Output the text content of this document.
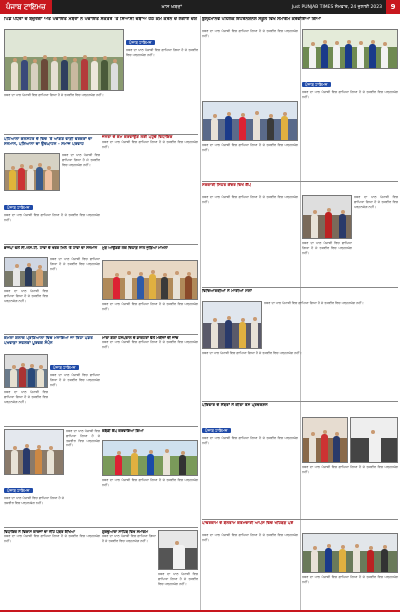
ਪੰਜਾਬ ਟਾਇਮਜ਼	ਖ਼ਾਸ ਖ਼ਬਰਾਂ	Just PUNJAB TIMES ਸੋਮਵਾਰ, 24 ਜੁਲਾਈ 2023	9
ਪਿੰਡ ਪੱਧਰਾਂ ਦੇ ਬਜ਼ੁਰਗਾਂ ਅਤੇ ਪੰਚਾਇਤ ਮੈਂਬਰਾਂ ਨੇ ਪੰਚਾਇਤ ਸਕੱਤਰ 'ਤੇ ਸਿਆਸੀ ਦਬਾਅ ਹੇਠ ਕੰਮ ਕਰਨ ਦੇ ਲਗਾਏ ਦੋਸ਼
ਪੰਜਾਬ ਟਾਇਮਜ਼
ਖ਼ਬਰ ਦਾ ਪਾਠ ਪੰਜਾਬੀ ਵਿਚ ਛਾਪਿਆ ਗਿਆ ਹੈ ਜੋ ਤਸਵੀਰ ਵਿਚ ਪੜ੍ਹਨਯੋਗ ਨਹੀਂ।
ਖ਼ਬਰ ਦਾ ਪਾਠ ਪੰਜਾਬੀ ਵਿਚ ਛਾਪਿਆ ਗਿਆ ਹੈ ਜੋ ਤਸਵੀਰ ਵਿਚ ਪੜ੍ਹਨਯੋਗ ਨਹੀਂ।
ਜਨਤਾ ਦੇ ਕੰਮ ਕਰਵਾਉਣ ਲਈ ਪਹੁੰਚੇ ਵਿਧਾਇਕ
ਖ਼ਬਰ ਦਾ ਪਾਠ ਪੰਜਾਬੀ ਵਿਚ ਛਾਪਿਆ ਗਿਆ ਹੈ ਜੋ ਤਸਵੀਰ ਵਿਚ ਪੜ੍ਹਨਯੋਗ ਨਹੀਂ।
ਪਟਿਆਲਾ ਕਲਸਟਰ ਦੇ ਵਿਚ 'ਤੇ ਆਂਗਣ ਵਾੜੀ ਵਰਕਰਾਂ ਦਾ ਸਨਮਾਨ, ਪਸ਼ਿਆਨਾ ਦਾ ਉਦਘਾਟਨ - ਸਮਾਜ ਪਰਵਾਹ
ਖ਼ਬਰ ਦਾ ਪਾਠ ਪੰਜਾਬੀ ਵਿਚ ਛਾਪਿਆ ਗਿਆ ਹੈ ਜੋ ਤਸਵੀਰ ਵਿਚ ਪੜ੍ਹਨਯੋਗ ਨਹੀਂ।
ਪੰਜਾਬ ਟਾਇਮਜ਼
ਖ਼ਬਰ ਦਾ ਪਾਠ ਪੰਜਾਬੀ ਵਿਚ ਛਾਪਿਆ ਗਿਆ ਹੈ ਜੋ ਤਸਵੀਰ ਵਿਚ ਪੜ੍ਹਨਯੋਗ ਨਹੀਂ।
ਭਾਜਪਾ ਵਲੋਂ ਸੀ.ਐਸ.ਟੀ. ਟਾਵਾ ਦੇ ਖੇਤਰ ਮਿਲੇ 'ਤੇ ਟਾਵਾ ਦਾ ਸਨਮਾਨ
ਖ਼ਬਰ ਦਾ ਪਾਠ ਪੰਜਾਬੀ ਵਿਚ ਛਾਪਿਆ ਗਿਆ ਹੈ ਜੋ ਤਸਵੀਰ ਵਿਚ ਪੜ੍ਹਨਯੋਗ ਨਹੀਂ।
ਖ਼ਬਰ ਦਾ ਪਾਠ ਪੰਜਾਬੀ ਵਿਚ ਛਾਪਿਆ ਗਿਆ ਹੈ ਜੋ ਤਸਵੀਰ ਵਿਚ ਪੜ੍ਹਨਯੋਗ ਨਹੀਂ।
ਮੁੜ ਆਉਣਗੇ ਲੋਕ ਦਿਹਾੜ ਨਾਲ ਜੁੜਿਆ ਮਾਮਲਾ
ਖ਼ਬਰ ਦਾ ਪਾਠ ਪੰਜਾਬੀ ਵਿਚ ਛਾਪਿਆ ਗਿਆ ਹੈ ਜੋ ਤਸਵੀਰ ਵਿਚ ਪੜ੍ਹਨਯੋਗ ਨਹੀਂ।
ਕਮਲਾ ਗਲਾਕ ਪ੍ਰਣਿਆਲਾ ਵਿਚ ਮਨਾਇਆ ਜਾ ਰਿਹਾ ਪੰਡਤ ਪਖਵਾੜਾ ਸਫਲਤਾ ਪੂਰਵਕ ਸੰਪੰਨ
ਪੰਜਾਬ ਟਾਇਮਜ਼
ਖ਼ਬਰ ਦਾ ਪਾਠ ਪੰਜਾਬੀ ਵਿਚ ਛਾਪਿਆ ਗਿਆ ਹੈ ਜੋ ਤਸਵੀਰ ਵਿਚ ਪੜ੍ਹਨਯੋਗ ਨਹੀਂ।
ਖ਼ਬਰ ਦਾ ਪਾਠ ਪੰਜਾਬੀ ਵਿਚ ਛਾਪਿਆ ਗਿਆ ਹੈ ਜੋ ਤਸਵੀਰ ਵਿਚ ਪੜ੍ਹਨਯੋਗ ਨਹੀਂ।
ਮਾਤਾ ਗੰਗਾ ਹਸਪਤਾਲ ਦੇ ਡਾਕਟਰਾਂ ਵੱਲੋਂ ਮਰੀਜ਼ਾਂ ਦੀ ਜਾਂਚ
ਖ਼ਬਰ ਦਾ ਪਾਠ ਪੰਜਾਬੀ ਵਿਚ ਛਾਪਿਆ ਗਿਆ ਹੈ ਜੋ ਤਸਵੀਰ ਵਿਚ ਪੜ੍ਹਨਯੋਗ ਨਹੀਂ।
ਖ਼ਬਰ ਦਾ ਪਾਠ ਪੰਜਾਬੀ ਵਿਚ ਛਾਪਿਆ ਗਿਆ ਹੈ ਜੋ ਤਸਵੀਰ ਵਿਚ ਪੜ੍ਹਨਯੋਗ ਨਹੀਂ।
ਪੰਜਾਬ ਟਾਇਮਜ਼
ਖ਼ਬਰ ਦਾ ਪਾਠ ਪੰਜਾਬੀ ਵਿਚ ਛਾਪਿਆ ਗਿਆ ਹੈ ਜੋ ਤਸਵੀਰ ਵਿਚ ਪੜ੍ਹਨਯੋਗ ਨਹੀਂ।
ਕਬੱਡੀ ਕੱਪ ਕਰਵਾਇਆ ਗਿਆ
ਖ਼ਬਰ ਦਾ ਪਾਠ ਪੰਜਾਬੀ ਵਿਚ ਛਾਪਿਆ ਗਿਆ ਹੈ ਜੋ ਤਸਵੀਰ ਵਿਚ ਪੜ੍ਹਨਯੋਗ ਨਹੀਂ।
ਵਿਧਾਇਕ ਨੇ ਵਿਕਾਸ ਕਾਰਜਾਂ ਦਾ ਨੀਂਹ ਪੱਥਰ ਰੱਖਿਆ
ਖ਼ਬਰ ਦਾ ਪਾਠ ਪੰਜਾਬੀ ਵਿਚ ਛਾਪਿਆ ਗਿਆ ਹੈ ਜੋ ਤਸਵੀਰ ਵਿਚ ਪੜ੍ਹਨਯੋਗ ਨਹੀਂ।
ਗੁਰਦੁਆਰਾ ਸਾਹਿਬ ਵਿਖੇ ਸਮਾਗਮ
ਖ਼ਬਰ ਦਾ ਪਾਠ ਪੰਜਾਬੀ ਵਿਚ ਛਾਪਿਆ ਗਿਆ ਹੈ ਜੋ ਤਸਵੀਰ ਵਿਚ ਪੜ੍ਹਨਯੋਗ ਨਹੀਂ।
ਖ਼ਬਰ ਦਾ ਪਾਠ ਪੰਜਾਬੀ ਵਿਚ ਛਾਪਿਆ ਗਿਆ ਹੈ ਜੋ ਤਸਵੀਰ ਵਿਚ ਪੜ੍ਹਨਯੋਗ ਨਹੀਂ।
ਬੁਲ੍ਹਮਾਨਵ ਪਹਿਲਕ ਇੰਟਰਨੈਸ਼ਨਲ ਸਕੂਲ ਵਿਖੇ ਸਮਾਗਮ ਕਰਵਾਇਆ ਗਿਆ
ਖ਼ਬਰ ਦਾ ਪਾਠ ਪੰਜਾਬੀ ਵਿਚ ਛਾਪਿਆ ਗਿਆ ਹੈ ਜੋ ਤਸਵੀਰ ਵਿਚ ਪੜ੍ਹਨਯੋਗ ਨਹੀਂ।
ਖ਼ਬਰ ਦਾ ਪਾਠ ਪੰਜਾਬੀ ਵਿਚ ਛਾਪਿਆ ਗਿਆ ਹੈ ਜੋ ਤਸਵੀਰ ਵਿਚ ਪੜ੍ਹਨਯੋਗ ਨਹੀਂ।
ਪੰਜਾਬ ਟਾਇਮਜ਼
ਖ਼ਬਰ ਦਾ ਪਾਠ ਪੰਜਾਬੀ ਵਿਚ ਛਾਪਿਆ ਗਿਆ ਹੈ ਜੋ ਤਸਵੀਰ ਵਿਚ ਪੜ੍ਹਨਯੋਗ ਨਹੀਂ।
ਸਰਕਾਰੀ ਸਿਹਤ ਕੇਂਦਰ ਵਿਖੇ ਕੈਂਪ
ਖ਼ਬਰ ਦਾ ਪਾਠ ਪੰਜਾਬੀ ਵਿਚ ਛਾਪਿਆ ਗਿਆ ਹੈ ਜੋ ਤਸਵੀਰ ਵਿਚ ਪੜ੍ਹਨਯੋਗ ਨਹੀਂ।
ਖ਼ਬਰ ਦਾ ਪਾਠ ਪੰਜਾਬੀ ਵਿਚ ਛਾਪਿਆ ਗਿਆ ਹੈ ਜੋ ਤਸਵੀਰ ਵਿਚ ਪੜ੍ਹਨਯੋਗ ਨਹੀਂ।
ਖ਼ਬਰ ਦਾ ਪਾਠ ਪੰਜਾਬੀ ਵਿਚ ਛਾਪਿਆ ਗਿਆ ਹੈ ਜੋ ਤਸਵੀਰ ਵਿਚ ਪੜ੍ਹਨਯੋਗ ਨਹੀਂ।
ਵਿਦਿਆਰਥੀਆਂ ਨੇ ਮਾਰੀਆਂ ਮੱਲਾਂ
ਖ਼ਬਰ ਦਾ ਪਾਠ ਪੰਜਾਬੀ ਵਿਚ ਛਾਪਿਆ ਗਿਆ ਹੈ ਜੋ ਤਸਵੀਰ ਵਿਚ ਪੜ੍ਹਨਯੋਗ ਨਹੀਂ।
ਖ਼ਬਰ ਦਾ ਪਾਠ ਪੰਜਾਬੀ ਵਿਚ ਛਾਪਿਆ ਗਿਆ ਹੈ ਜੋ ਤਸਵੀਰ ਵਿਚ ਪੜ੍ਹਨਯੋਗ ਨਹੀਂ।
ਪਰਿਵਾਰ ਦੇ ਮੈਂਬਰਾਂ ਨੇ ਕੀਤਾ ਰੋਸ ਪ੍ਰਦਰਸ਼ਨ
ਪੰਜਾਬ ਟਾਇਮਜ਼
ਖ਼ਬਰ ਦਾ ਪਾਠ ਪੰਜਾਬੀ ਵਿਚ ਛਾਪਿਆ ਗਿਆ ਹੈ ਜੋ ਤਸਵੀਰ ਵਿਚ ਪੜ੍ਹਨਯੋਗ ਨਹੀਂ।
ਖ਼ਬਰ ਦਾ ਪਾਠ ਪੰਜਾਬੀ ਵਿਚ ਛਾਪਿਆ ਗਿਆ ਹੈ ਜੋ ਤਸਵੀਰ ਵਿਚ ਪੜ੍ਹਨਯੋਗ ਨਹੀਂ।
ਪਾਵਰਕਾਮ ਦੇ ਬੇਲਤਾਮ ਕਰਮਚਾਰੀ ਆਪਸ ਵਿਚ ਖਹਿਬੜ ਪਏ
ਖ਼ਬਰ ਦਾ ਪਾਠ ਪੰਜਾਬੀ ਵਿਚ ਛਾਪਿਆ ਗਿਆ ਹੈ ਜੋ ਤਸਵੀਰ ਵਿਚ ਪੜ੍ਹਨਯੋਗ ਨਹੀਂ।
ਖ਼ਬਰ ਦਾ ਪਾਠ ਪੰਜਾਬੀ ਵਿਚ ਛਾਪਿਆ ਗਿਆ ਹੈ ਜੋ ਤਸਵੀਰ ਵਿਚ ਪੜ੍ਹਨਯੋਗ ਨਹੀਂ।
